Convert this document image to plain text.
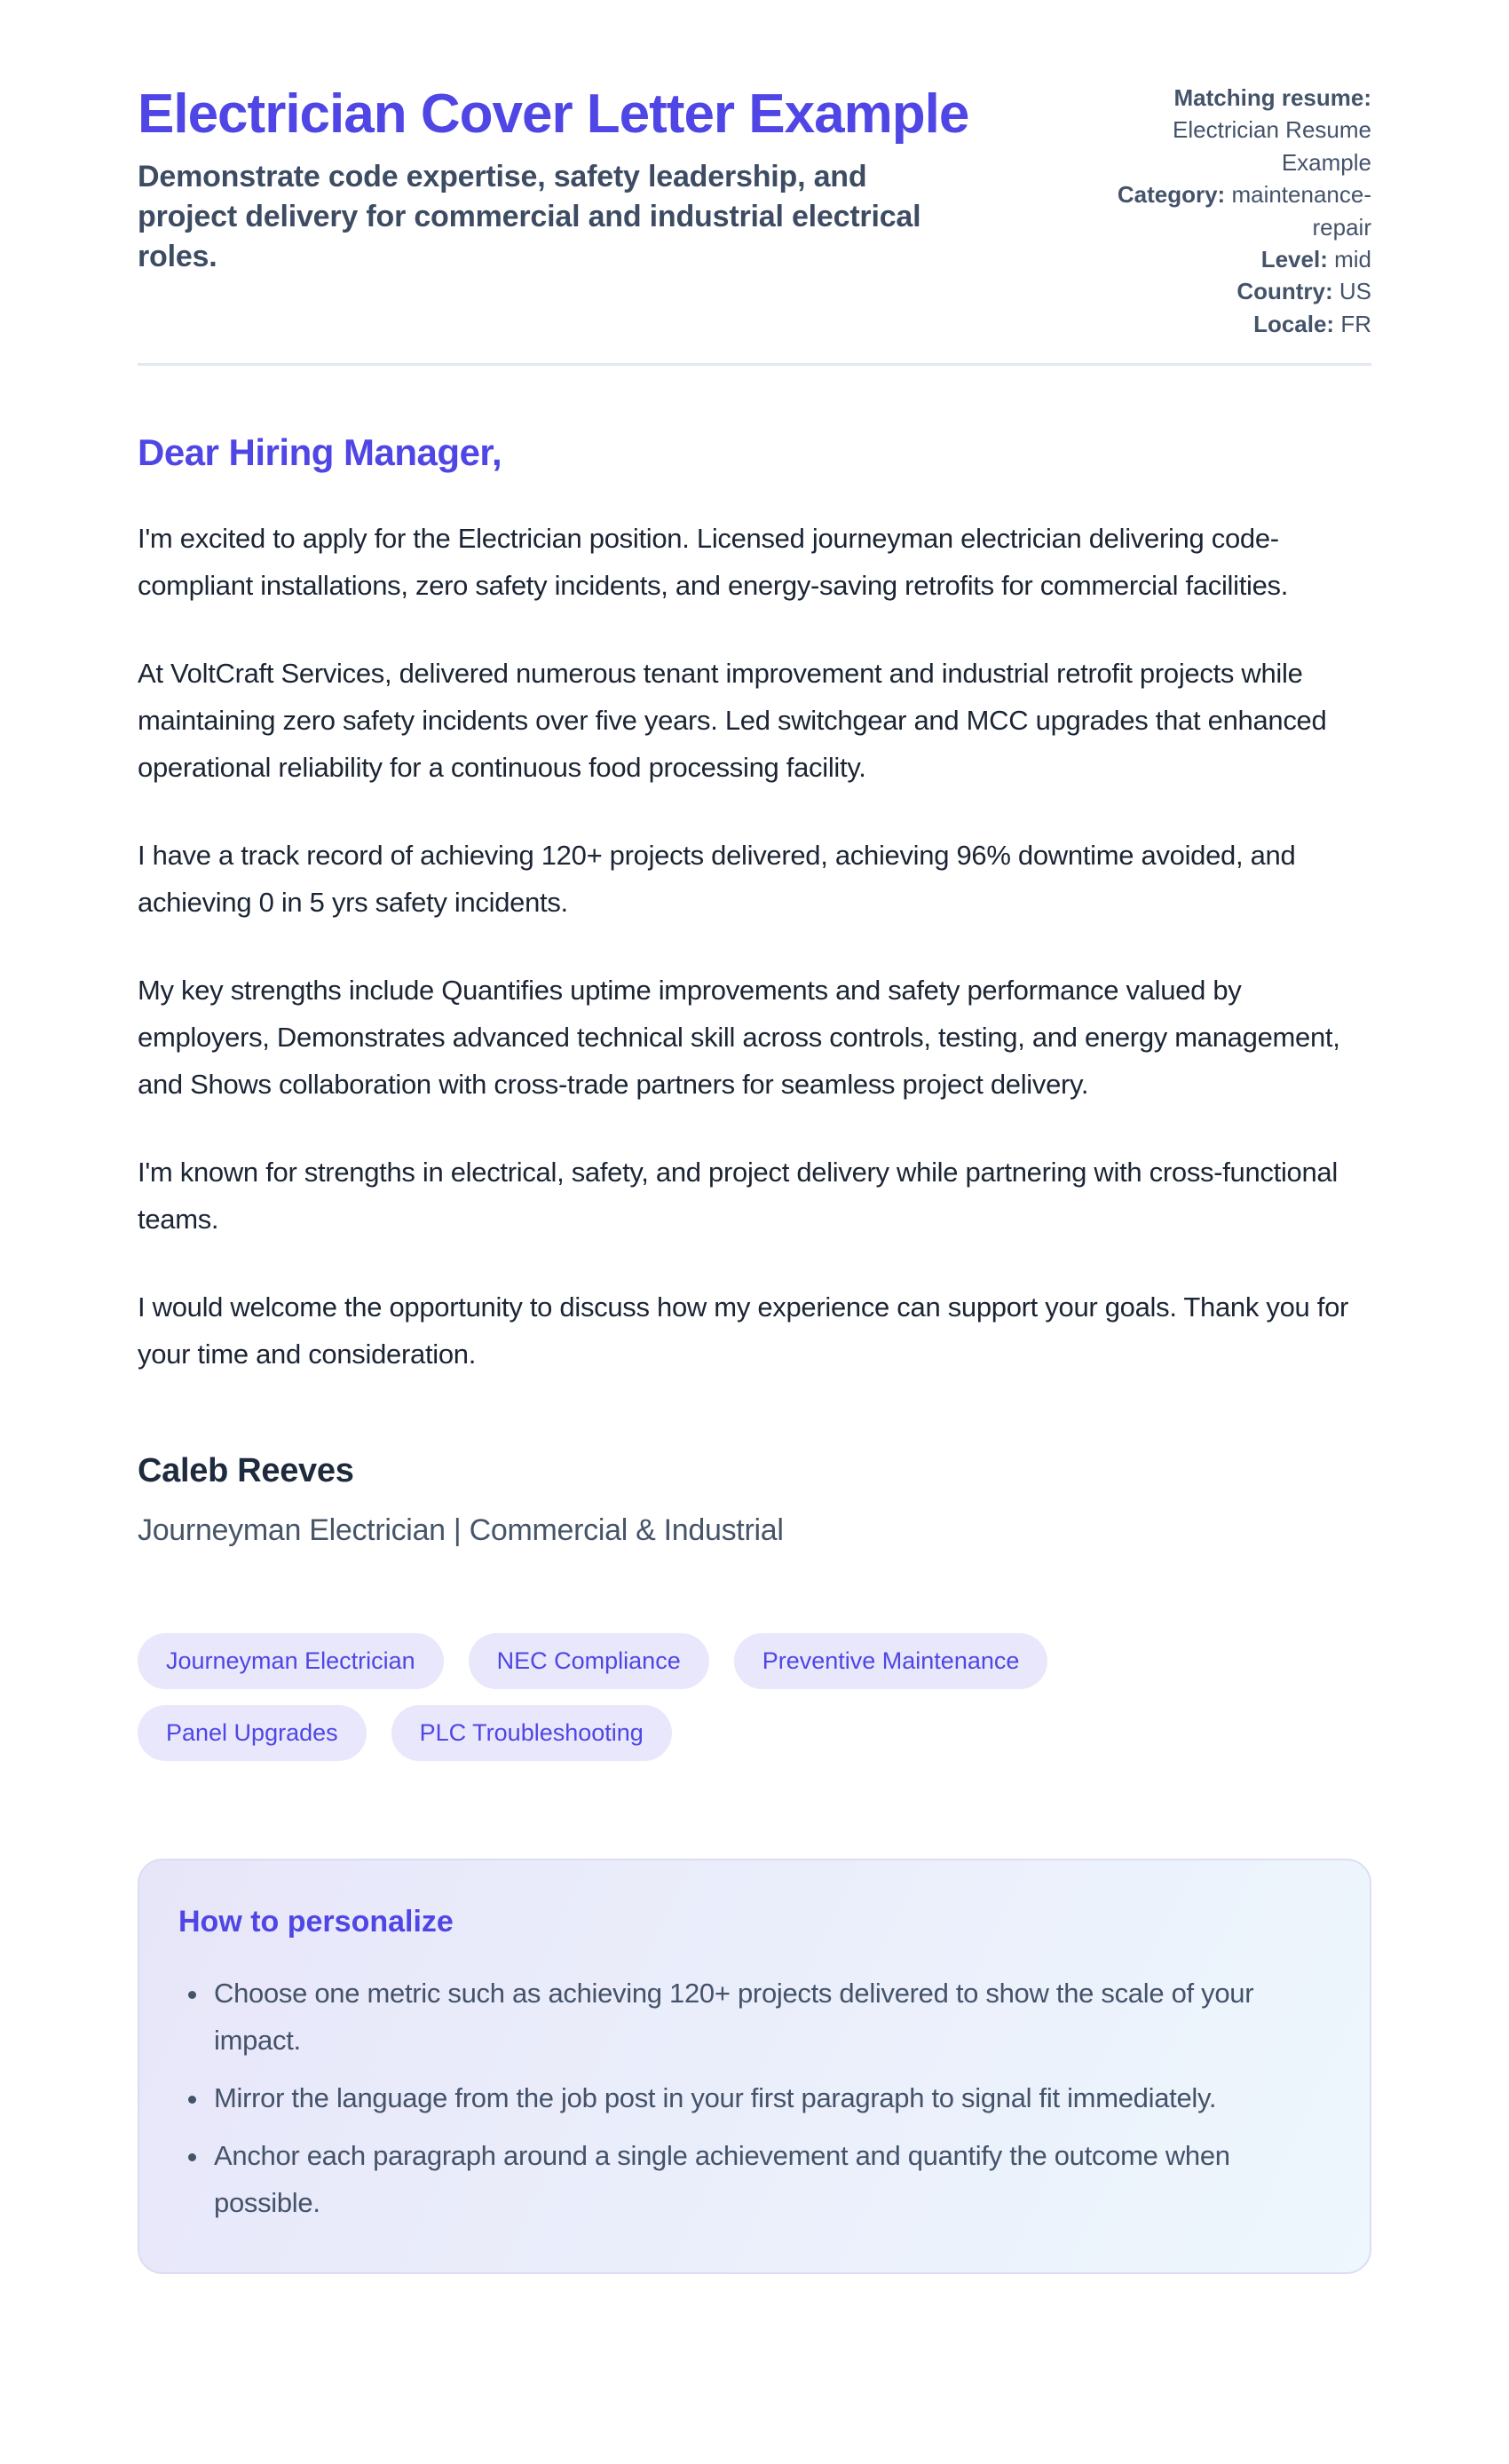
Electrician Cover Letter Example

Demonstrate code expertise, safety leadership, and project delivery for commercial and industrial electrical roles.

Matching resume: Electrician Resume Example
Category: maintenance-repair
Level: mid
Country: US
Locale: FR

Dear Hiring Manager,

I'm excited to apply for the Electrician position. Licensed journeyman electrician delivering code-compliant installations, zero safety incidents, and energy-saving retrofits for commercial facilities.

At VoltCraft Services, delivered numerous tenant improvement and industrial retrofit projects while maintaining zero safety incidents over five years. Led switchgear and MCC upgrades that enhanced operational reliability for a continuous food processing facility.

I have a track record of achieving 120+ projects delivered, achieving 96% downtime avoided, and achieving 0 in 5 yrs safety incidents.

My key strengths include Quantifies uptime improvements and safety performance valued by employers, Demonstrates advanced technical skill across controls, testing, and energy management, and Shows collaboration with cross-trade partners for seamless project delivery.

I'm known for strengths in electrical, safety, and project delivery while partnering with cross-functional teams.

I would welcome the opportunity to discuss how my experience can support your goals. Thank you for your time and consideration.

Caleb Reeves

Journeyman Electrician | Commercial & Industrial

Journeyman Electrician	NEC Compliance	Preventive Maintenance
Panel Upgrades	PLC Troubleshooting
How to personalize
• Choose one metric such as achieving 120+ projects delivered to show the scale of your impact.
• Mirror the language from the job post in your first paragraph to signal fit immediately.
• Anchor each paragraph around a single achievement and quantify the outcome when possible.
